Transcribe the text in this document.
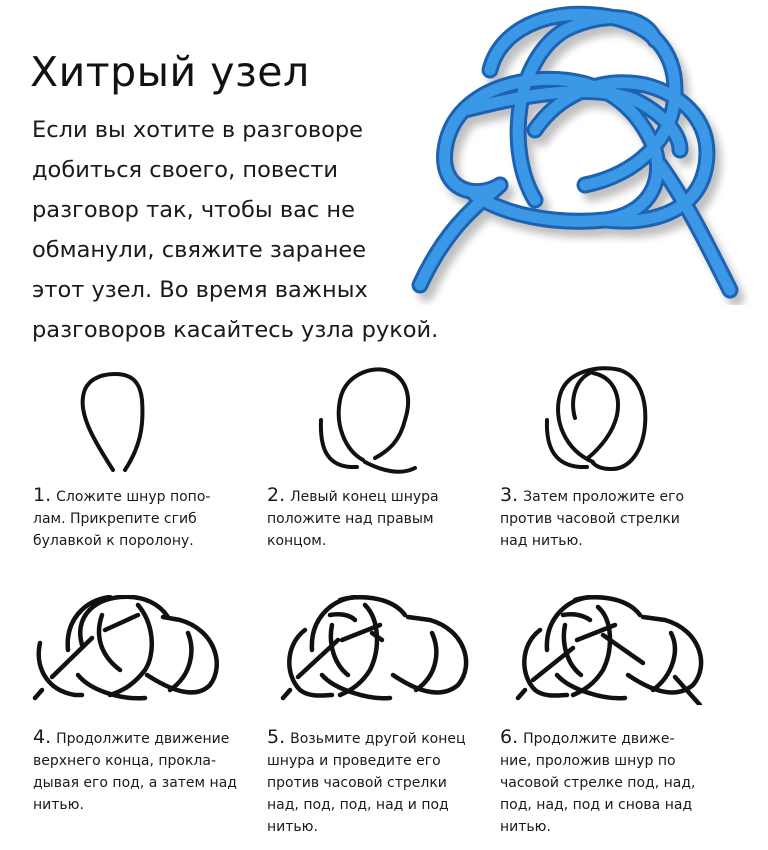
Хитрый узел
Если вы хотите в разговоре
добиться своего, повести
разговор так, чтобы вас не
обманули, свяжите заранее
этот узел. Во время важных
разговоров касайтесь узла рукой.
1. Сложите шнур попо-
лам. Прикрепите сгиб
булавкой к поролону.
2. Левый конец шнура
положите над правым
концом.
3. Затем проложите его
против часовой стрелки
над нитью.
4. Продолжите движение
верхнего конца, прокла-
дывая его под, а затем над
нитью.
5. Возьмите другой конец
шнура и проведите его
против часовой стрелки
над, под, под, над и под
нитью.
6. Продолжите движе-
ние, проложив шнур по
часовой стрелке под, над,
под, над, под и снова над
нитью.
